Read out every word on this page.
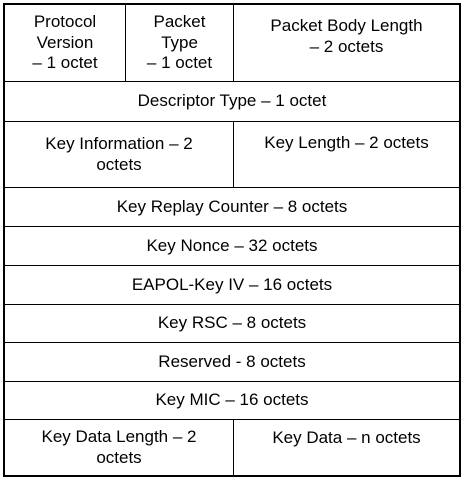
Protocol
Version
– 1 octet
Packet
Type
– 1 octet
Packet Body Length
– 2 octets
Descriptor Type – 1 octet
Key Information – 2
octets
Key Length – 2 octets
Key Replay Counter – 8 octets
Key Nonce – 32 octets
EAPOL-Key IV – 16 octets
Key RSC – 8 octets
Reserved - 8 octets
Key MIC – 16 octets
Key Data Length – 2
octets
Key Data – n octets
